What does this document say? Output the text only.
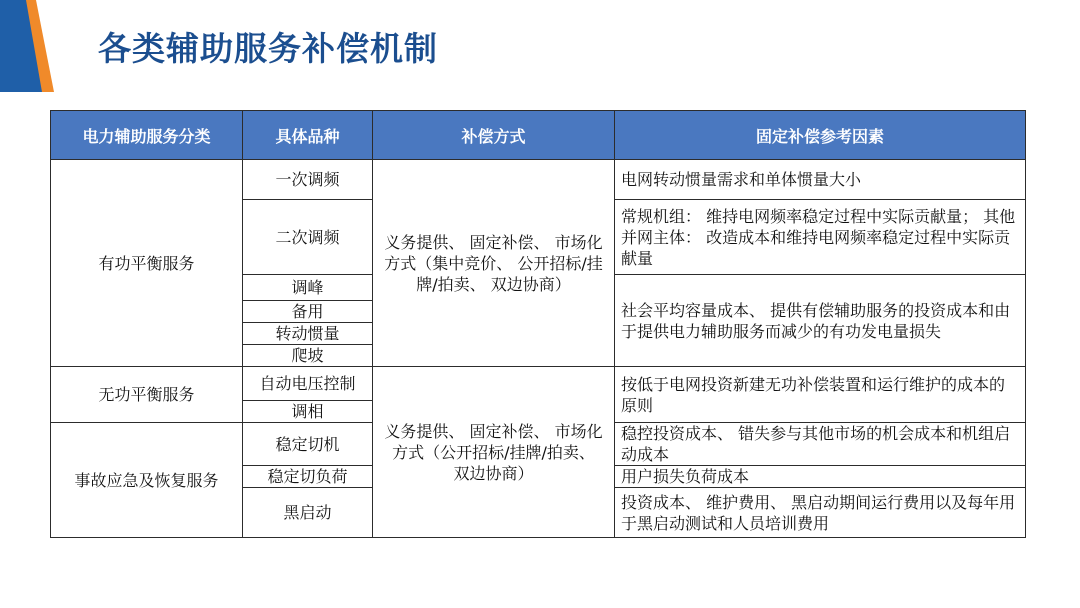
各类辅助服务补偿机制
电力辅助服务分类	具体品种	补偿方式	固定补偿参考因素
有功平衡服务	一次调频	义务提供、 固定补偿、 市场化方式（集中竞价、 公开招标/挂牌/拍卖、 双边协商）	电网转动惯量需求和单体惯量大小
	二次调频		常规机组： 维持电网频率稳定过程中实际贡献量； 其他并网主体： 改造成本和维持电网频率稳定过程中实际贡献量
	调峰		社会平均容量成本、 提供有偿辅助服务的投资成本和由于提供电力辅助服务而减少的有功发电量损失
	备用		
	转动惯量		
	爬坡		
无功平衡服务	自动电压控制	义务提供、 固定补偿、 市场化方式（公开招标/挂牌/拍卖、 双边协商）	按低于电网投资新建无功补偿装置和运行维护的成本的原则
	调相		
事故应急及恢复服务	稳定切机		稳控投资成本、 错失参与其他市场的机会成本和机组启动成本
	稳定切负荷		用户损失负荷成本
	黑启动		投资成本、 维护费用、 黑启动期间运行费用以及每年用于黑启动测试和人员培训费用
